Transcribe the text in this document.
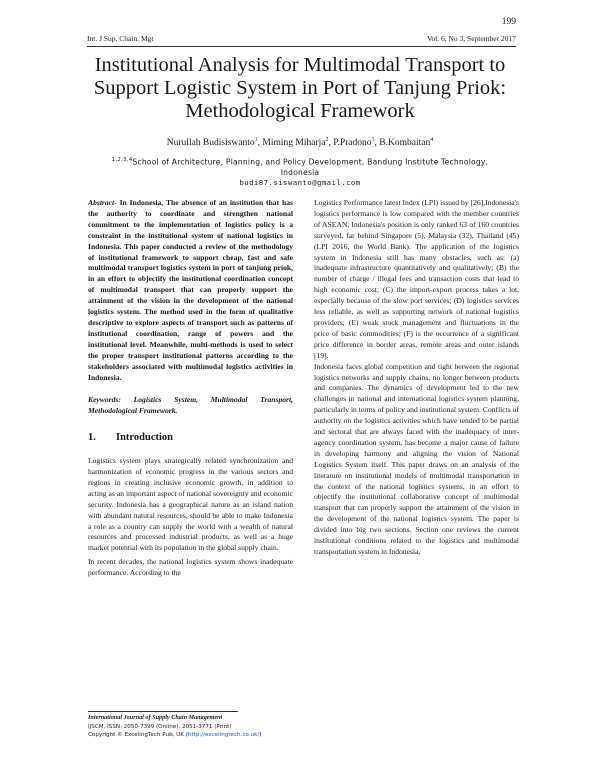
199
Int. J Sup. Chain. Mgt	Vol. 6, No 3, September 2017
Institutional Analysis for Multimodal Transport to Support Logistic System in Port of Tanjung Priok: Methodological Framework
Nurullah Budisiswanto$^1$, Miming Miharja$^2$, P.Pradono$^3$, B.Kombaitan$^4$
$^{1,2,3,4}$School of Architecture, Planning, and Policy Development, Bandung Institute Technology, Indonesia
budi87.siswanto@gmail.com

Abstract- In Indonesia, The absence of an institution that has the authority to coordinate and strengthen national commitment to the implementation of logistics policy is a constraint in the institutional system of national logistics in Indonesia. This paper conducted a review of the methodology of institutional framework to support cheap, fast and safe multimodal transport logistics system in port of tanjung priok, in an effort to objectify the institutional coordination concept of multimodal transport that can properly support the attainment of the vision in the development of the national logistics system. The method used in the form of qualitative descriptive to explore aspects of transport such as patterns of institutional coordination, range of powers and the institutional level. Meanwhile, multi-methods is used to select the proper transport institutional patterns according to the stakeholders associated with multimodal logistics activities in Indonesia.

Keywords: Logistics System, Multimodal Transport, Methodological Framework.

1. Introduction

Logistics system plays strategically related synchronization and harmonization of economic progress in the various sectors and regions in creating inclusive economic growth, in addition to acting as an important aspect of national sovereignty and economic security. Indonesia has a geographical nature as an island nation with abundant natural resources, should be able to make Indonesia a role as a country can supply the world with a wealth of natural resources and processed industrial products, as well as a huge market potential with its population in the global supply chain.

In recent decades, the national logistics system shows inadequate performance. According to the

Logistics Performance latest Index (LPI) issued by [26],Indonesia's logistics performance is low compared with the member countries of ASEAN, Indonesia's position is only ranked 63 of 160 countries surveyed, far behind Singapore (5), Malaysia (32), Thailand (45) (LPI 2016, the World Bank). The application of the logistics system in Indonesia still has many obstacles, such as: (a) inadequate infrastructure quantitatively and qualitatively; (B) the number of charge / illegal fees and transaction costs that lead to high economic cost; (C) the import-export process takes a lot, especially because of the slow port services; (D) logistics services less reliable, as well as supporting network of national logistics providers; (E) weak stock management and fluctuations in the price of basic commodities; (F) is the occurrence of a significant price difference in border areas, remote areas and outer islands [19].

Indonesia faces global competition and tight between the regional logistics networks and supply chains, no longer between products and companies. The dynamics of development led to the new challenges in national and international logistics system planning, particularly in terms of policy and institutional system. Conflicts of authority on the logistics activities which have tended to be partial and sectoral that are always faced with the inadequacy of inter-agency coordination system, has become a major cause of failure in developing harmony and aligning the vision of National Logistics System itself. This paper draws on an analysis of the literature on institutional models of multimodal transportation in the context of the national logistics systems, in an effort to objectify the institutional collaborative concept of multimodal transport that can properly support the attainment of the vision in the development of the national logistics system. The paper is divided into big two sections. Section one reviews the current institutional conditions related to the logistics and multimodal transportation system in Indonesia,

International Journal of Supply Chain Management
IJSCM, ISSN: 2050-7399 (Online), 2051-3771 (Print)
Copyright © ExcelingTech Pub, UK (http://excelingtech.co.uk/)
